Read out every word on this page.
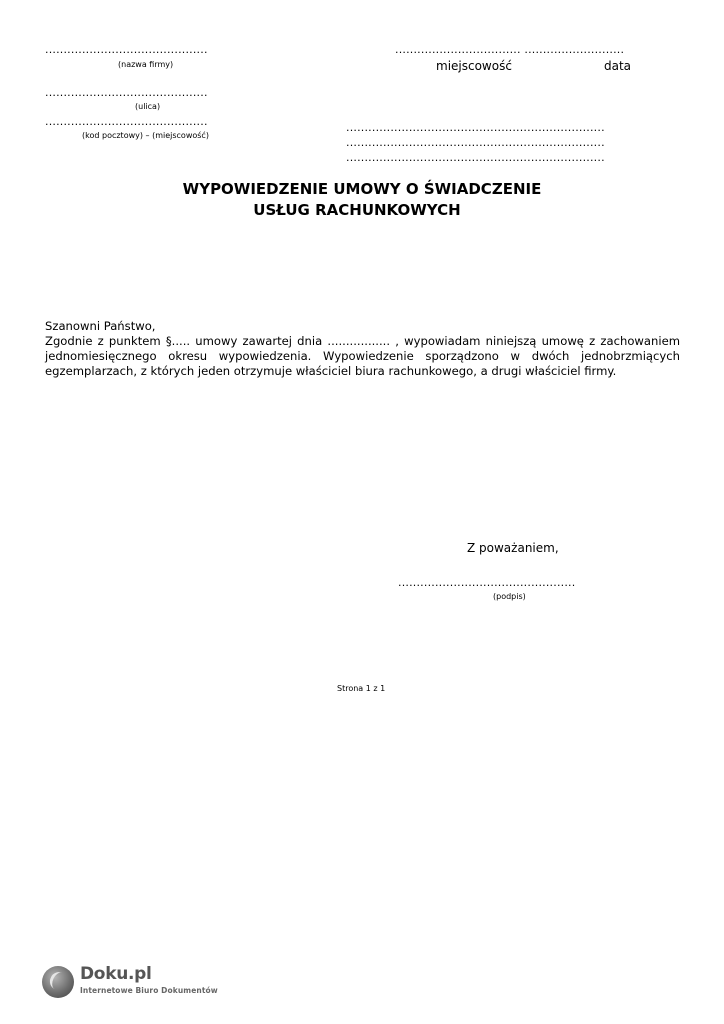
............................................
(nazwa firmy)
............................................
(ulica)
............................................
(kod pocztowy) – (miejscowość)
.................................. ...........................
miejscowość	data
......................................................................
......................................................................
......................................................................
WYPOWIEDZENIE UMOWY O ŚWIADCZENIE
USŁUG RACHUNKOWYCH

Szanowni Państwo,

Zgodnie z punktem §..... umowy zawartej dnia ................. , wypowiadam niniejszą umowę z zachowaniem jednomiesięcznego okresu wypowiedzenia. Wypowiedzenie sporządzono w dwóch jednobrzmiących egzemplarzach, z których jeden otrzymuje właściciel biura rachunkowego, a drugi właściciel firmy.

Z poważaniem,
................................................
(podpis)
Strona 1 z 1
Doku.pl
Internetowe Biuro Dokumentów
